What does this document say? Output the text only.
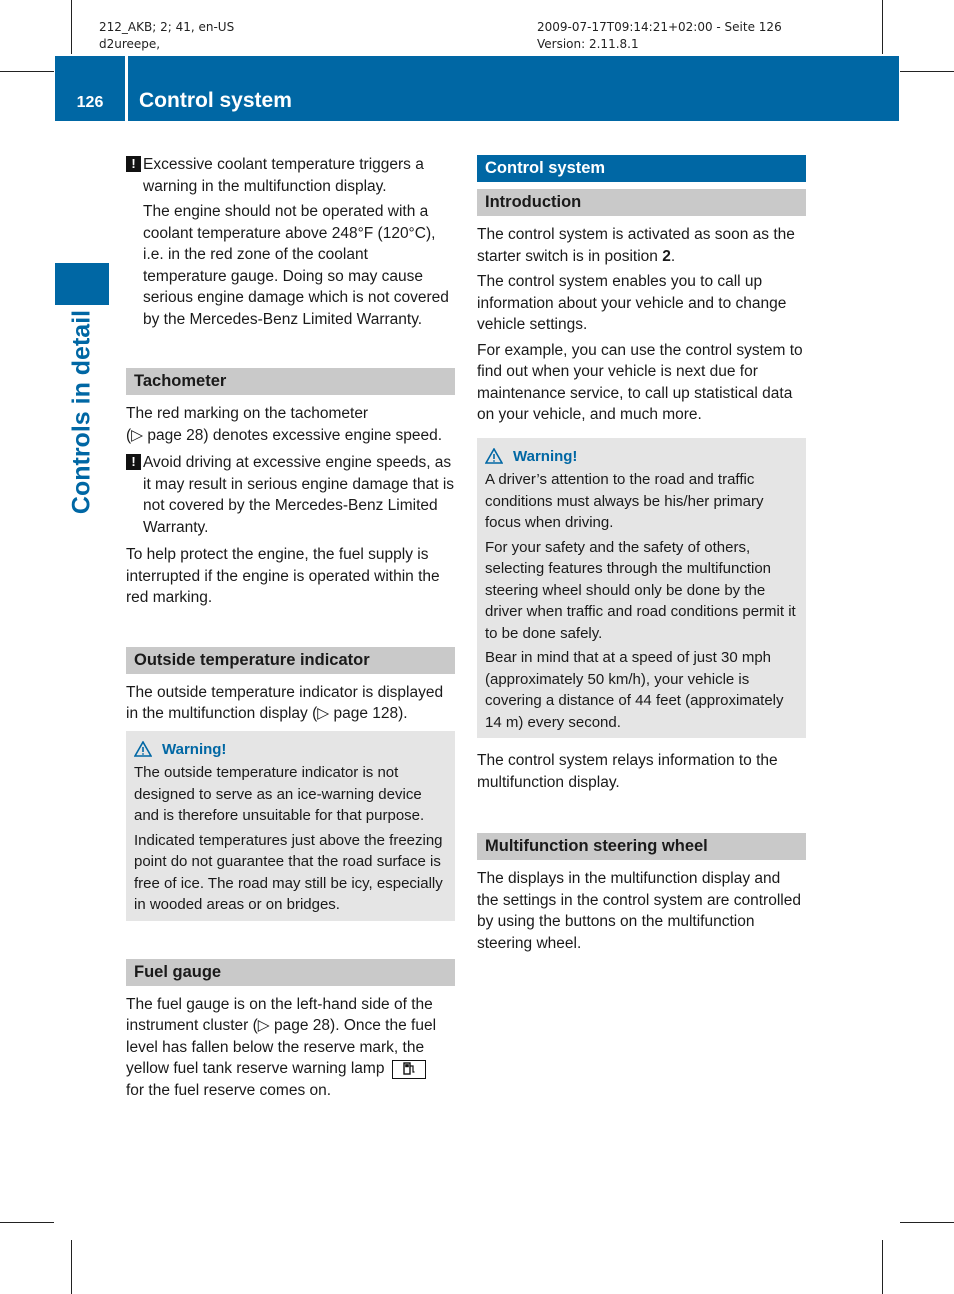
212_AKB; 2; 41, en-US
d2ureepe,
2009-07-17T09:14:21+02:00 - Seite 126
Version: 2.11.8.1
126	Control system
Controls in detail
! Excessive coolant temperature triggers a warning in the multifunction display.

The engine should not be operated with a coolant temperature above 248°F (120°C), i.e. in the red zone of the coolant temperature gauge. Doing so may cause serious engine damage which is not covered by the Mercedes-Benz Limited Warranty.

Tachometer

The red marking on the tachometer
(▷ page 28) denotes excessive engine speed.

! Avoid driving at excessive engine speeds, as it may result in serious engine damage that is not covered by the Mercedes-Benz Limited Warranty.

To help protect the engine, the fuel supply is interrupted if the engine is operated within the red marking.

Outside temperature indicator

The outside temperature indicator is displayed in the multifunction display (▷ page 128).

Warning!

The outside temperature indicator is not designed to serve as an ice-warning device and is therefore unsuitable for that purpose.

Indicated temperatures just above the freezing point do not guarantee that the road surface is free of ice. The road may still be icy, especially in wooded areas or on bridges.

Fuel gauge

The fuel gauge is on the left-hand side of the instrument cluster (▷ page 28). Once the fuel level has fallen below the reserve mark, the yellow fuel tank reserve warning lamp
for the fuel reserve comes on.

Control system
Introduction

The control system is activated as soon as the starter switch is in position 2.

The control system enables you to call up information about your vehicle and to change vehicle settings.

For example, you can use the control system to find out when your vehicle is next due for maintenance service, to call up statistical data on your vehicle, and much more.

Warning!

A driver’s attention to the road and traffic conditions must always be his/her primary focus when driving.

For your safety and the safety of others, selecting features through the multifunction steering wheel should only be done by the driver when traffic and road conditions permit it to be done safely.

Bear in mind that at a speed of just 30 mph (approximately 50 km/h), your vehicle is covering a distance of 44 feet (approximately 14 m) every second.

The control system relays information to the multifunction display.

Multifunction steering wheel

The displays in the multifunction display and the settings in the control system are controlled by using the buttons on the multifunction steering wheel.
